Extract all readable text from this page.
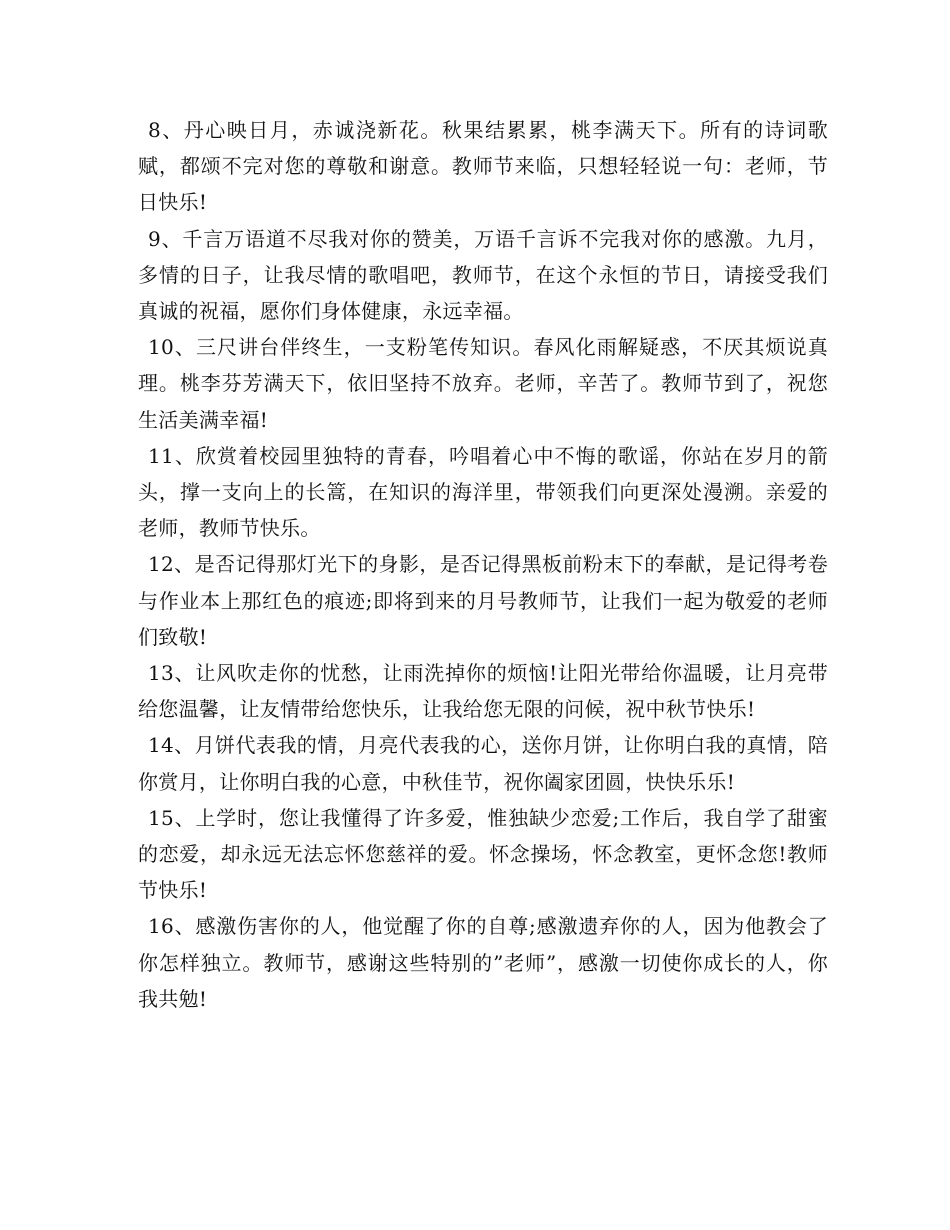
8、丹心映日月，赤诚浇新花。秋果结累累，桃李满天下。所有的诗词歌赋，都颂不完对您的尊敬和谢意。教师节来临，只想轻轻说一句：老师，节日快乐!

9、千言万语道不尽我对你的赞美，万语千言诉不完我对你的感激。九月，多情的日子，让我尽情的歌唱吧，教师节，在这个永恒的节日，请接受我们真诚的祝福，愿你们身体健康，永远幸福。

10、三尺讲台伴终生，一支粉笔传知识。春风化雨解疑惑，不厌其烦说真理。桃李芬芳满天下，依旧坚持不放弃。老师，辛苦了。教师节到了，祝您生活美满幸福!

11、欣赏着校园里独特的青春，吟唱着心中不悔的歌谣，你站在岁月的箭头，撑一支向上的长篙，在知识的海洋里，带领我们向更深处漫溯。亲爱的老师，教师节快乐。

12、是否记得那灯光下的身影，是否记得黑板前粉末下的奉献，是记得考卷与作业本上那红色的痕迹;即将到来的月号教师节，让我们一起为敬爱的老师们致敬!

13、让风吹走你的忧愁，让雨洗掉你的烦恼!让阳光带给你温暖，让月亮带给您温馨，让友情带给您快乐，让我给您无限的问候，祝中秋节快乐!

14、月饼代表我的情，月亮代表我的心，送你月饼，让你明白我的真情，陪你赏月，让你明白我的心意，中秋佳节，祝你阖家团圆，快快乐乐!

15、上学时，您让我懂得了许多爱，惟独缺少恋爱;工作后，我自学了甜蜜的恋爱，却永远无法忘怀您慈祥的爱。怀念操场，怀念教室，更怀念您!教师节快乐!

16、感激伤害你的人，他觉醒了你的自尊;感激遗弃你的人，因为他教会了你怎样独立。教师节，感谢这些特别的”老师”，感激一切使你成长的人，你我共勉!
